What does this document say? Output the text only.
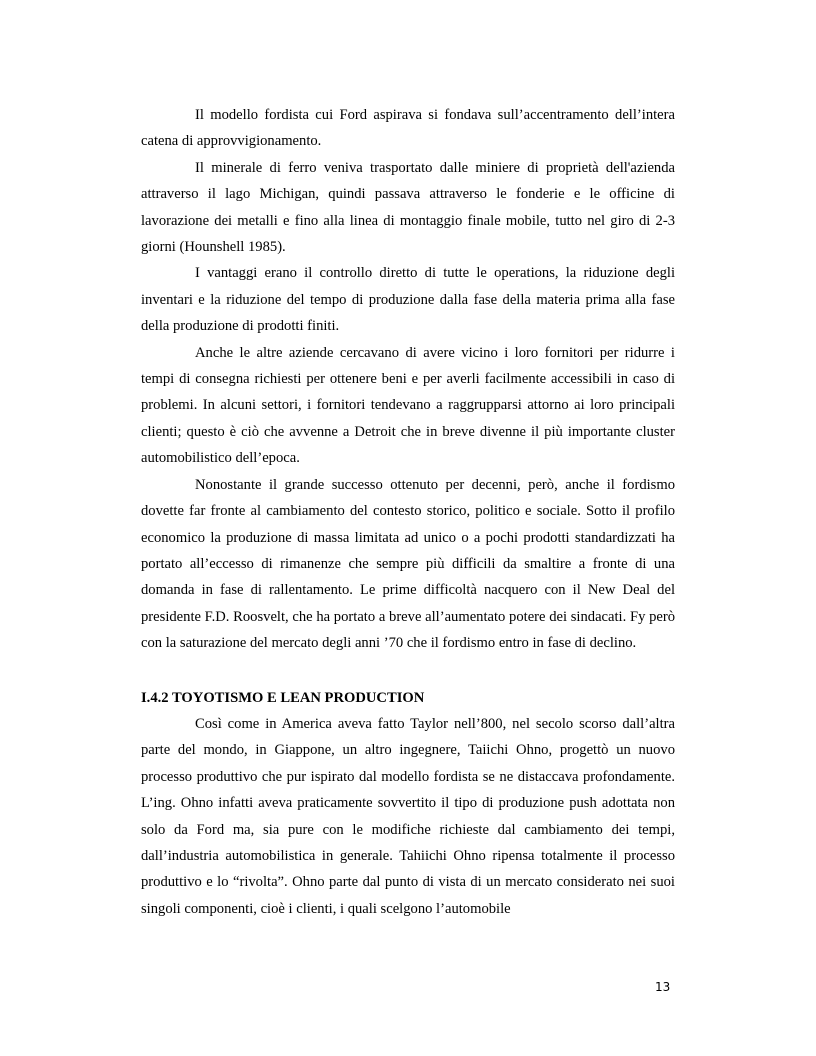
Il modello fordista cui Ford aspirava si fondava sull’accentramento dell’intera catena di approvvigionamento.

Il minerale di ferro veniva trasportato dalle miniere di proprietà dell'azienda attraverso il lago Michigan, quindi passava attraverso le fonderie e le officine di lavorazione dei metalli e fino alla linea di montaggio finale mobile, tutto nel giro di 2-3 giorni (Hounshell 1985).

I vantaggi erano il controllo diretto di tutte le operations, la riduzione degli inventari e la riduzione del tempo di produzione dalla fase della materia prima alla fase della produzione di prodotti finiti.

Anche le altre aziende cercavano di avere vicino i loro fornitori per ridurre i tempi di consegna richiesti per ottenere beni e per averli facilmente accessibili in caso di problemi. In alcuni settori, i fornitori tendevano a raggrupparsi attorno ai loro principali clienti; questo è ciò che avvenne a Detroit che in breve divenne il più importante cluster automobilistico dell’epoca.

Nonostante il grande successo ottenuto per decenni, però, anche il fordismo dovette far fronte al cambiamento del contesto storico, politico e sociale. Sotto il profilo economico la produzione di massa limitata ad unico o a pochi prodotti standardizzati ha portato all’eccesso di rimanenze che sempre più difficili da smaltire a fronte di una domanda in fase di rallentamento. Le prime difficoltà nacquero con il New Deal del presidente F.D. Roosvelt, che ha portato a breve all’aumentato potere dei sindacati. Fy però con la saturazione del mercato degli anni ’70 che il fordismo entro in fase di declino.

I.4.2 TOYOTISMO E LEAN PRODUCTION

Così come in America aveva fatto Taylor nell’800, nel secolo scorso dall’altra parte del mondo, in Giappone, un altro ingegnere, Taiichi Ohno, progettò un nuovo processo produttivo che pur ispirato dal modello fordista se ne distaccava profondamente. L’ing. Ohno infatti aveva praticamente sovvertito il tipo di produzione push adottata non solo da Ford ma, sia pure con le modifiche richieste dal cambiamento dei tempi, dall’industria automobilistica in generale. Tahiichi Ohno ripensa totalmente il processo produttivo e lo “rivolta”. Ohno parte dal punto di vista di un mercato considerato nei suoi singoli componenti, cioè i clienti, i quali scelgono l’automobile

13
